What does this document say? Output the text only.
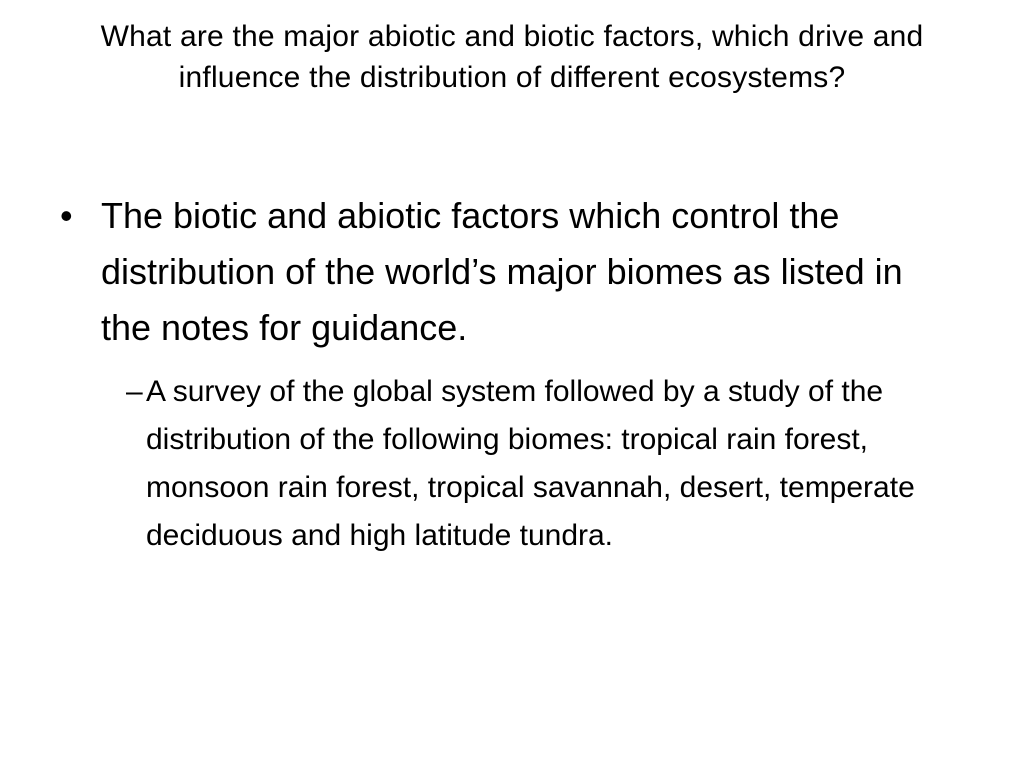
What are the major abiotic and biotic factors, which drive and influence the distribution of different ecosystems?
• The biotic and abiotic factors which control the distribution of the world’s major biomes as listed in the notes for guidance.
– A survey of the global system followed by a study of the distribution of the following biomes: tropical rain forest, monsoon rain forest, tropical savannah, desert, temperate deciduous and high latitude tundra.
